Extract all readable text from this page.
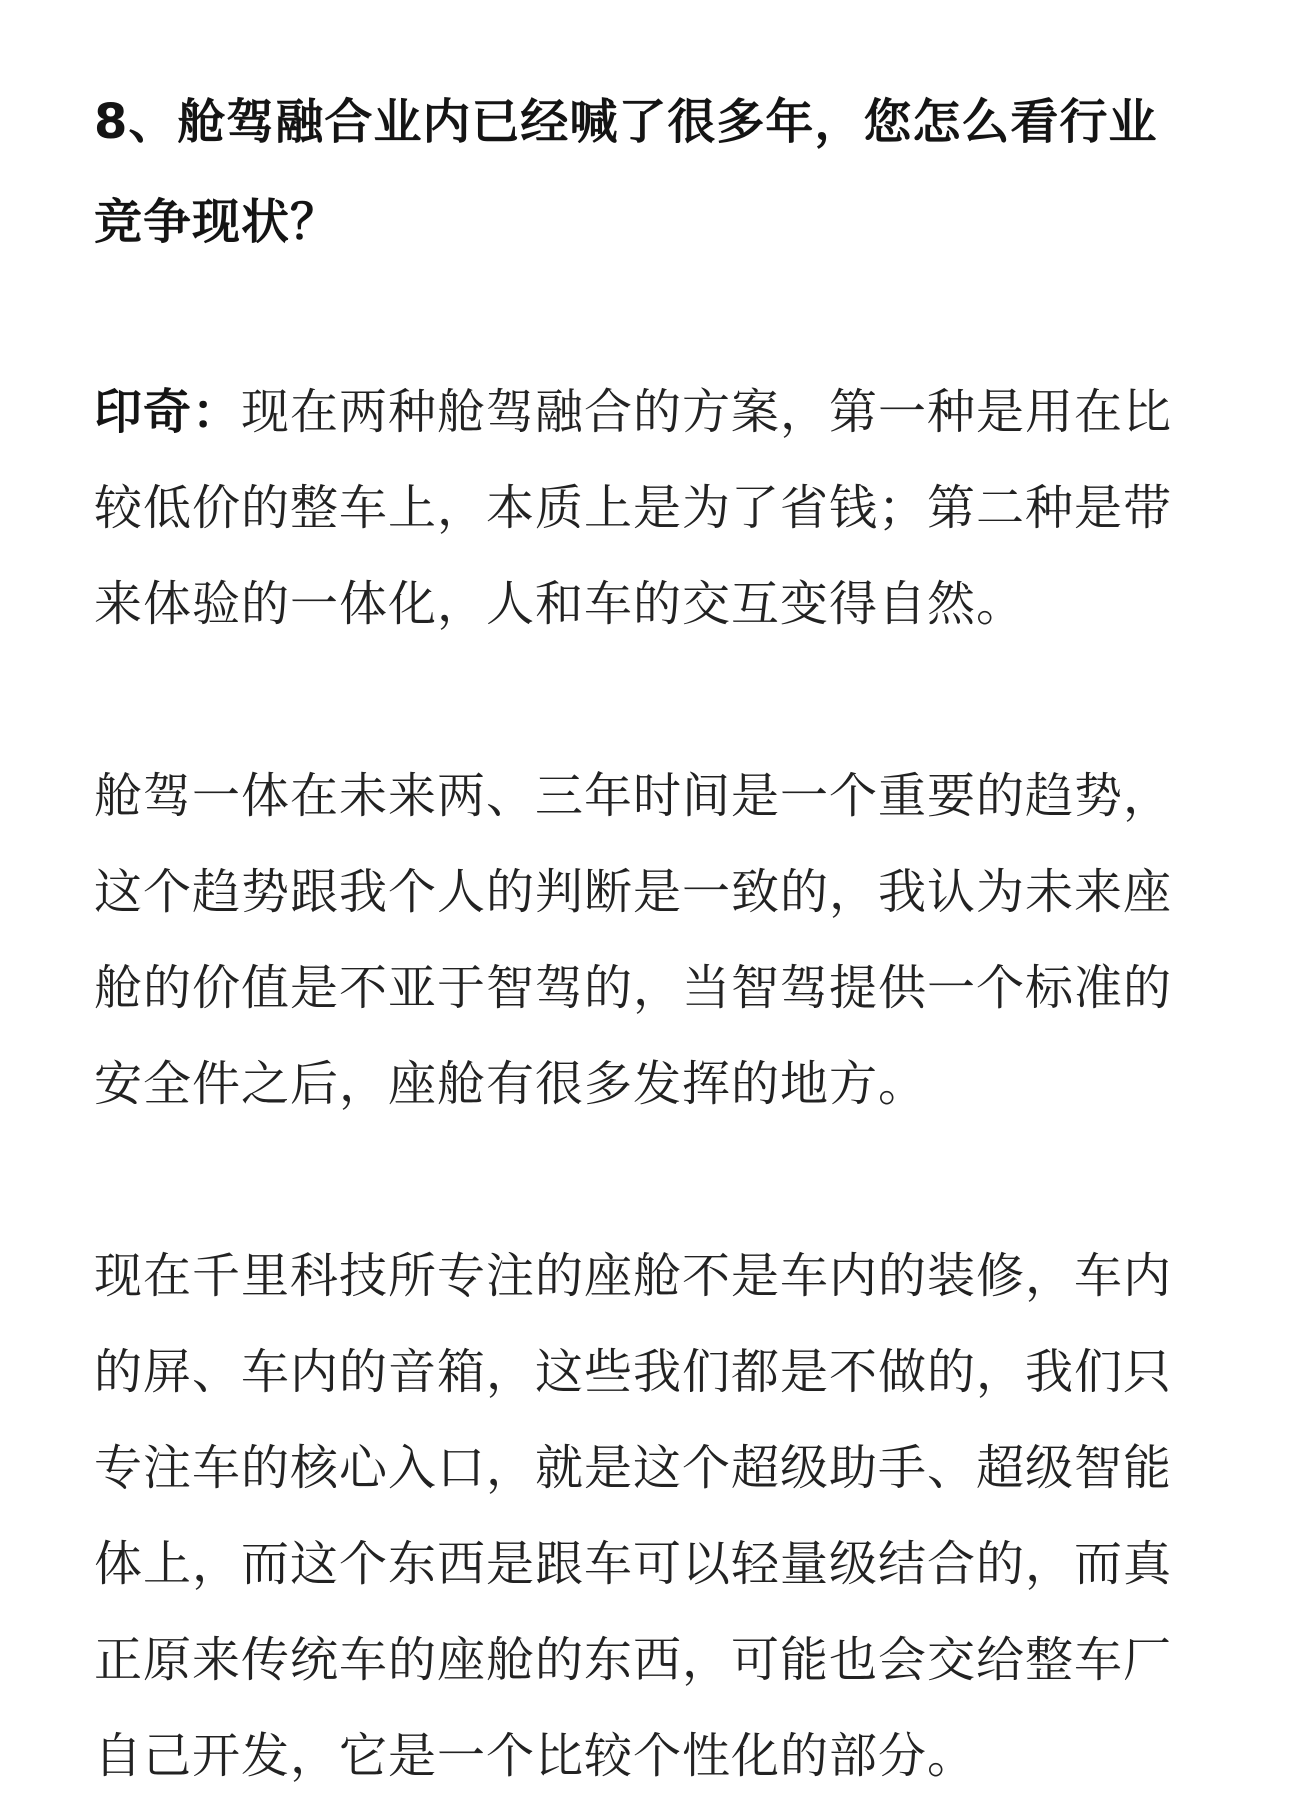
8、舱驾融合业内已经喊了很多年，您怎么看行业
竞争现状？

印奇：现在两种舱驾融合的方案，第一种是用在比
较低价的整车上，本质上是为了省钱；第二种是带
来体验的一体化，人和车的交互变得自然。

舱驾一体在未来两、三年时间是一个重要的趋势，
这个趋势跟我个人的判断是一致的，我认为未来座
舱的价值是不亚于智驾的，当智驾提供一个标准的
安全件之后，座舱有很多发挥的地方。

现在千里科技所专注的座舱不是车内的装修，车内
的屏、车内的音箱，这些我们都是不做的，我们只
专注车的核心入口，就是这个超级助手、超级智能
体上，而这个东西是跟车可以轻量级结合的，而真
正原来传统车的座舱的东西，可能也会交给整车厂
自己开发，它是一个比较个性化的部分。
